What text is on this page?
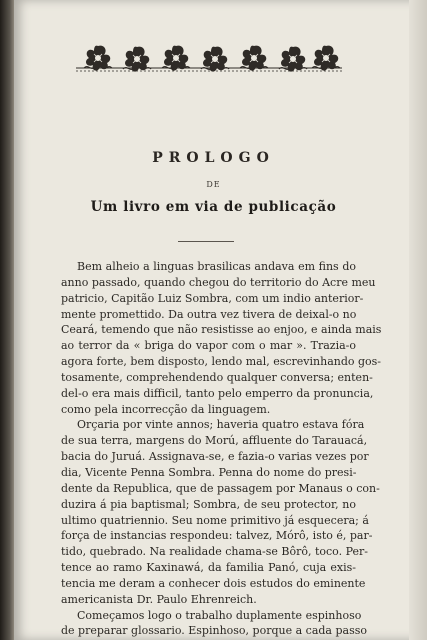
PROLOGO
DE
Um livro em via de publicação
Bem alheio a linguas brasilicas andava em fins do
anno passado, quando chegou do territorio do Acre meu
patricio, Capitão Luiz Sombra, com um indio anterior-
mente promettido. Da outra vez tivera de deixal-o no
Ceará, temendo que não resistisse ao enjoo, e ainda mais
ao terror da « briga do vapor com o mar ». Trazia-o
agora forte, bem disposto, lendo mal, escrevinhando gos-
tosamente, comprehendendo qualquer conversa; enten-
del-o era mais difficil, tanto pelo emperro da pronuncia,
como pela incorrecção da linguagem.
Orçaria por vinte annos; haveria quatro estava fóra
de sua terra, margens do Morú, affluente do Tarauacá,
bacia do Juruá. Assignava-se, e fazia-o varias vezes por
dia, Vicente Penna Sombra. Penna do nome do presi-
dente da Republica, que de passagem por Manaus o con-
duzira á pia baptismal; Sombra, de seu protector, no
ultimo quatriennio. Seu nome primitivo já esquecera; á
força de instancias respondeu: talvez, Mórô, isto é, par-
tido, quebrado. Na realidade chama-se Bôrô, toco. Per-
tence ao ramo Kaxinawá, da familia Panó, cuja exis-
tencia me deram a conhecer dois estudos do eminente
americanista Dr. Paulo Ehrenreich.
Começamos logo o trabalho duplamente espinhoso
de preparar glossario. Espinhoso, porque a cada passo
